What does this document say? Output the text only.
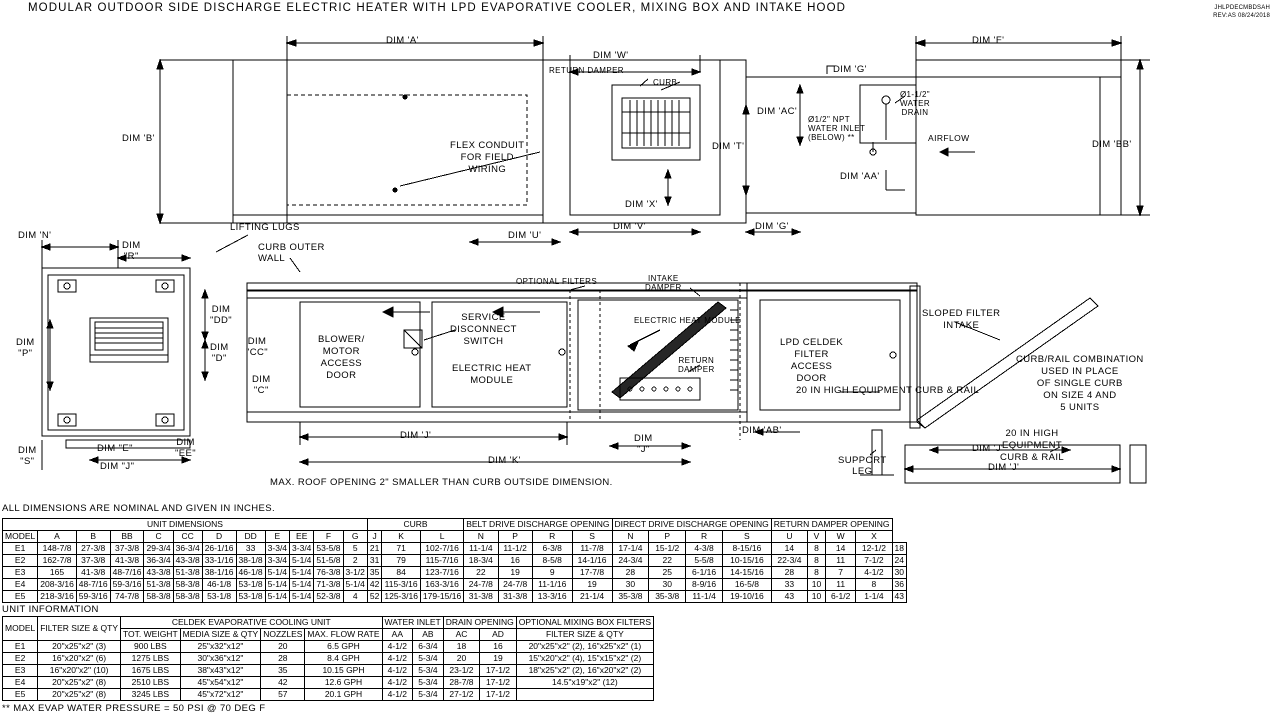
MODULAR OUTDOOR SIDE DISCHARGE ELECTRIC HEATER WITH LPD EVAPORATIVE COOLER, MIXING BOX AND INTAKE HOOD	JHLPDECMBDSAH
REV:AS 08/24/2018
DIM 'A'
DIM 'W'
RETURN DAMPER
CURB
DIM 'F'
DIM 'G'
DIM 'B'
DIM 'AC'
Ø1-1/2"
WATER
DRAIN
Ø1/2" NPT
WATER INLET
(BELOW) **	AIRFLOW
DIM 'BB'
DIM 'T'
DIM 'AA'
FLEX CONDUIT
FOR FIELD
WIRING
DIM 'X'
DIM 'U'
DIM 'V'	DIM 'G'
DIM 'N'
DIM
"R"
LIFTING LUGS
CURB OUTER
WALL
OPTIONAL FILTERS	INTAKE
DAMPER
DIM
"DD"
DIM
"CC"
DIM
"C"
DIM
"D"
DIM
"P"
BLOWER/
MOTOR
ACCESS
DOOR
SERVICE
DISCONNECT
SWITCH
ELECTRIC HEAT
MODULE
ELECTRIC HEAT MODULE
RETURN
DAMPER
LPD CELDEK
FILTER
ACCESS
DOOR
SLOPED FILTER
INTAKE
CURB/RAIL COMBINATION
USED IN PLACE
OF SINGLE CURB
ON SIZE 4 AND
5 UNITS
20 IN HIGH
EQUIPMENT
CURB & RAIL
20 IN HIGH EQUIPMENT CURB & RAIL
DIM 'AB'
SUPPORT
LEG
DIM
"S"
DIM "E"
DIM
"EE"
DIM "J"
DIM 'J'
DIM 'K'
DIM
"J"	DIM 'J'
DIM 'J'
MAX. ROOF OPENING 2" SMALLER THAN CURB OUTSIDE DIMENSION.
ALL DIMENSIONS ARE NOMINAL AND GIVEN IN INCHES.
UNIT INFORMATION
** MAX EVAP WATER PRESSURE = 50 PSI @ 70 DEG F
UNIT DIMENSIONS												CURB			BELT DRIVE DISCHARGE OPENING				DIRECT DRIVE DISCHARGE OPENING				RETURN DAMPER OPENING				
MODEL	A	B	BB	C	CC	D	DD	E	EE	F	G	J	K	L	N	P	R	S	N	P	R	S	U	V	W	X	
E1	148-7/8	27-3/8	37-3/8	29-3/4	36-3/4	26-1/16	33	3-3/4	3-3/4	53-5/8	5	21	71	102-7/16	11-1/4	11-1/2	6-3/8	11-7/8	17-1/4	15-1/2	4-3/8	8-15/16	14	8	14	12-1/2	18
E2	162-7/8	37-3/8	41-3/8	36-3/4	43-3/8	33-1/16	38-1/8	3-3/4	5-1/4	51-5/8	2	31	79	115-7/16	18-3/4	16	8-5/8	14-1/16	24-3/4	22	5-5/8	10-15/16	22-3/4	8	11	7-1/2	24
E3	165	41-3/8	48-7/16	43-3/8	51-3/8	38-1/16	46-1/8	5-1/4	5-1/4	76-3/8	3-1/2	35	84	123-7/16	22	19	9	17-7/8	28	25	6-1/16	14-15/16	28	8	7	4-1/2	30
E4	208-3/16	48-7/16	59-3/16	51-3/8	58-3/8	46-1/8	53-1/8	5-1/4	5-1/4	71-3/8	5-1/4	42	115-3/16	163-3/16	24-7/8	24-7/8	11-1/16	19	30	30	8-9/16	16-5/8	33	10	11	8	36
E5	218-3/16	59-3/16	74-7/8	58-3/8	58-3/8	53-1/8	53-1/8	5-1/4	5-1/4	52-3/8	4	52	125-3/16	179-15/16	31-3/8	31-3/8	13-3/16	21-1/4	35-3/8	35-3/8	11-1/4	19-10/16	43	10	6-1/2	1-1/4	43
MODEL	FILTER SIZE & QTY	CELDEK EVAPORATIVE COOLING UNIT				WATER INLET		DRAIN OPENING		OPTIONAL MIXING BOX FILTERS
		TOT. WEIGHT	MEDIA SIZE & QTY	NOZZLES	MAX. FLOW RATE	AA	AB	AC	AD	FILTER SIZE & QTY
E1	20"x25"x2" (3)	900 LBS	25"x32"x12"	20	6.5 GPH	4-1/2	6-3/4	18	16	20"x25"x2" (2), 16"x25"x2" (1)
E2	16"x20"x2" (6)	1275 LBS	30"x36"x12"	28	8.4 GPH	4-1/2	5-3/4	20	19	15"x20"x2" (4), 15"x15"x2" (2)
E3	16"x20"x2" (10)	1675 LBS	38"x43"x12"	35	10.15 GPH	4-1/2	5-3/4	23-1/2	17-1/2	18"x25"x2" (2), 16"x20"x2" (2)
E4	20"x25"x2" (8)	2510 LBS	45"x54"x12"	42	12.6 GPH	4-1/2	5-3/4	28-7/8	17-1/2	14.5"x19"x2" (12)
E5	20"x25"x2" (8)	3245 LBS	45"x72"x12"	57	20.1 GPH	4-1/2	5-3/4	27-1/2	17-1/2	
